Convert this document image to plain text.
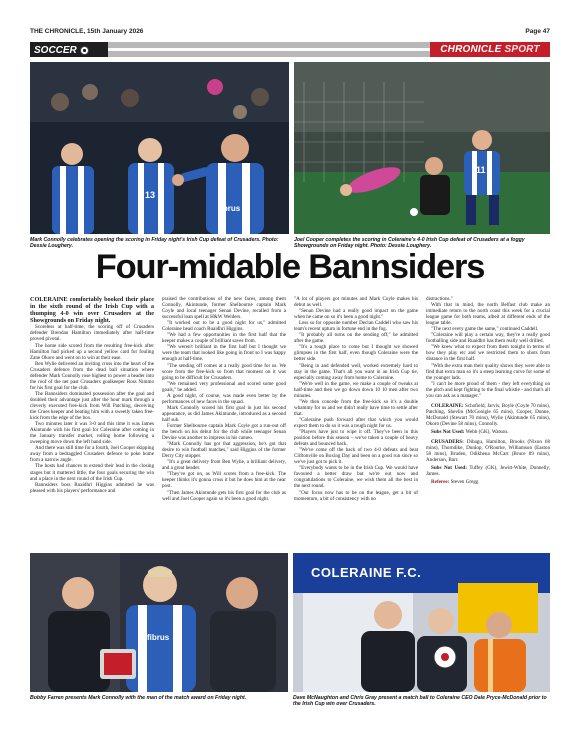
THE CHRONICLE, 15th January 2026	Page 47
SOCCER	CHRONICLE SPORT
fibrus
13
Mark Connolly celebrates opening the scoring in Friday night's Irish Cup defeat of Crusaders. Photo: Dessie Loughery.
11
Joel Cooper completes the scoring in Coleraine's 4-0 Irish Cup defeat of Crusaders at a foggy Showgrounds on Friday night. Photo: Dessie Loughery.
Four-midable Bannsiders

COLERAINE comfortably booked their place in the sixth round of the Irish Cup with a thumping 4-0 win over Crusaders at the Showgrounds on Friday night.

Scoreless at half-time, the scoring off of Crusaders defender Brendan Hamilton immediately after half-time proved pivotal.

The home side scored from the resulting free-kick after Hamilton had picked up a second yellow card for fouling Zane Okoro and went on to win at their ease.

Ben Wylie delivered an inviting cross into the heart of the Crusaders defence from the dead ball situation where defender Mark Connolly rose highest to power a header into the roof of the net past Crusaders goalkeeper Ross Nimmo for his first goal for the club.

The Bannsiders dominated possession after the goal and doubled their advantage just after the hour mark through a cleverly executed free-kick from Will Patching, deceiving the Crues keeper and beating him with a sweetly taken free-kick from the edge of the box.

Two minutes later it was 3-0 and this time it was James Akintunde with his first goal for Coleraine after coming in the January transfer market, rolling home following a sweeping move down the left hand side.

And there was still time for a fourth, Joel Cooper skipping away from a bedraggled Crusaders defence to poke home from a narrow angle.

The hosts had chances to extend their lead in the closing stages but it mattered little, the four goals securing the win and a place in the next round of the Irish Cup.

Bannsiders boss Ruaidhri Higgins admitted he was pleased with his players' performance and

praised the contributions of the new faces, among them Connolly, Akintunde, former Shelbourne captain Mark Coyle and local teenager Senan Devine, recalled from a successful loan spell at H&W Welders.

"It worked out to be a good night for us," admitted Coleraine head coach Ruaidhri Higgins.

"We had a few opportunities in the first half that the keeper makes a couple of brilliant saves from.

"We weren't brilliant in the first half but I thought we were the team that looked like going in front so I was happy enough at half-time.

"The sending off comes at a really good time for us. We score from the free-kick so from that moment on it was going to be difficult for Crusaders.

"We remained very professional and scored some good goals," he added.

A good night, of course, was made even better by the performances of new faces in the squad.

Mark Connolly scored his first goal in just his second appearance, as did James Akintunde, introduced as a second half sub.

Former Shelbourne captain Mark Coyle got a run-out off the bench on his debut for the club while teenager Senan Devine was another to impress in his cameo.

"Mark Connolly has got that aggression, he's got that desire to win football matches," said Higgins of the former Derry City stopper.

"It's a great delivery from Ben Wylie, a brilliant delivery, and a great header.

"They've got on, as Will scores from a free-kick. The keeper thinks it's gonna cross it but he does him at the near post.

"Then James Akintunde gets his first goal for the club as well and Joel Cooper again so it's been a good night.

"A lot of players got minutes and Mark Coyle makes his debut as well.

"Senan Devine had a really good impact on the game when he came on so it's been a good night."

Less so for opposite number Declan Caddell who saw his team's recent upturn in fortune end in the fog.

"It probably all turns on the sending off," he admitted after the game.

"It's a tough place to come but I thought we showed glimpses in the first half, even though Coleraine were the better side.

"Being in and defended well, worked extremely hard to stay in the game. That's all you want in an Irish Cup tie, especially coming away from home to Coleraine.

"We're well in the game, we make a couple of tweaks at half-time and then we go down down 10 10 men after two minutes.

"We then concede from the free-kick so it's a double whammy for us and we didn't really have time to settle after that.

"Coleraine push forward after that which you would expect them to do so it was a tough night for us.

"Players have just to wipe it off. They've been in this position before this season – we've taken a couple of heavy defeats and bounced back.

"We've come off the back of two 4-0 defeats and beat Cliftonville on Boxing Day and been on a good run since so we've just got to pick it.

"Everybody wants to be in the Irish Cup. We would have favoured a better draw but we're out now and congratulations to Coleraine, we wish them all the best in the next round.

"Our focus now has to be on the league, get a bit of momentum, a bit of consistency with no

distractions."

With that in mind, the north Belfast club make an immediate return to the north coast this week for a crucial league game for both teams, albeit at different ends of the league table.

"The next every game the same," continued Caddell.

"Coleraine will play a certain way, they're a really good footballing side and Ruaidhri has them really well drilled.

"We knew what to expect from them tonight in terms of how they play etc and we restricted them to shots from distance in the first half.

"With the extra man their quality shows they were able to find that extra man so it's a steep learning curve for some of the younger lads.

"I can't be more proud of them - they left everything on the pitch and kept fighting to the final whistle - and that's all you can ask as a manager."

COLERAINE: Schofield, Jarvis, Boyle (Coyle 70 mins), Patching, Shevlin (McGonigle 65 mins), Cooper, Dunne, McDonald (Stewart 70 mins), Wylie (Akintunde 65 mins), Okoro (Devine 58 mins), Connolly.

Subs Not Used: Webb (GK), Watson.

CRUSADERS: Dibagu, Hamilton, Brooks (Nixon 68 mins), Thorndike, Dunlop, O'Rourke, Williamson (Easton 58 mins), Bruden, Odikhena McCart (Bruce 89 mins), Anderson, Barr.

Subs Not Used: Tuffey (GK), Jewitt-White, Donnelly, James.

Referee: Steven Gregg

fibrus
Bobby Farren presents Mark Connolly with the man of the match award on Friday night.
COLERAINE F.C.
Dave McNaughton and Chris Gray present a match ball to Coleraine CEO Dale Pryce-McDonald prior to the Irish Cup win over Crusaders.
